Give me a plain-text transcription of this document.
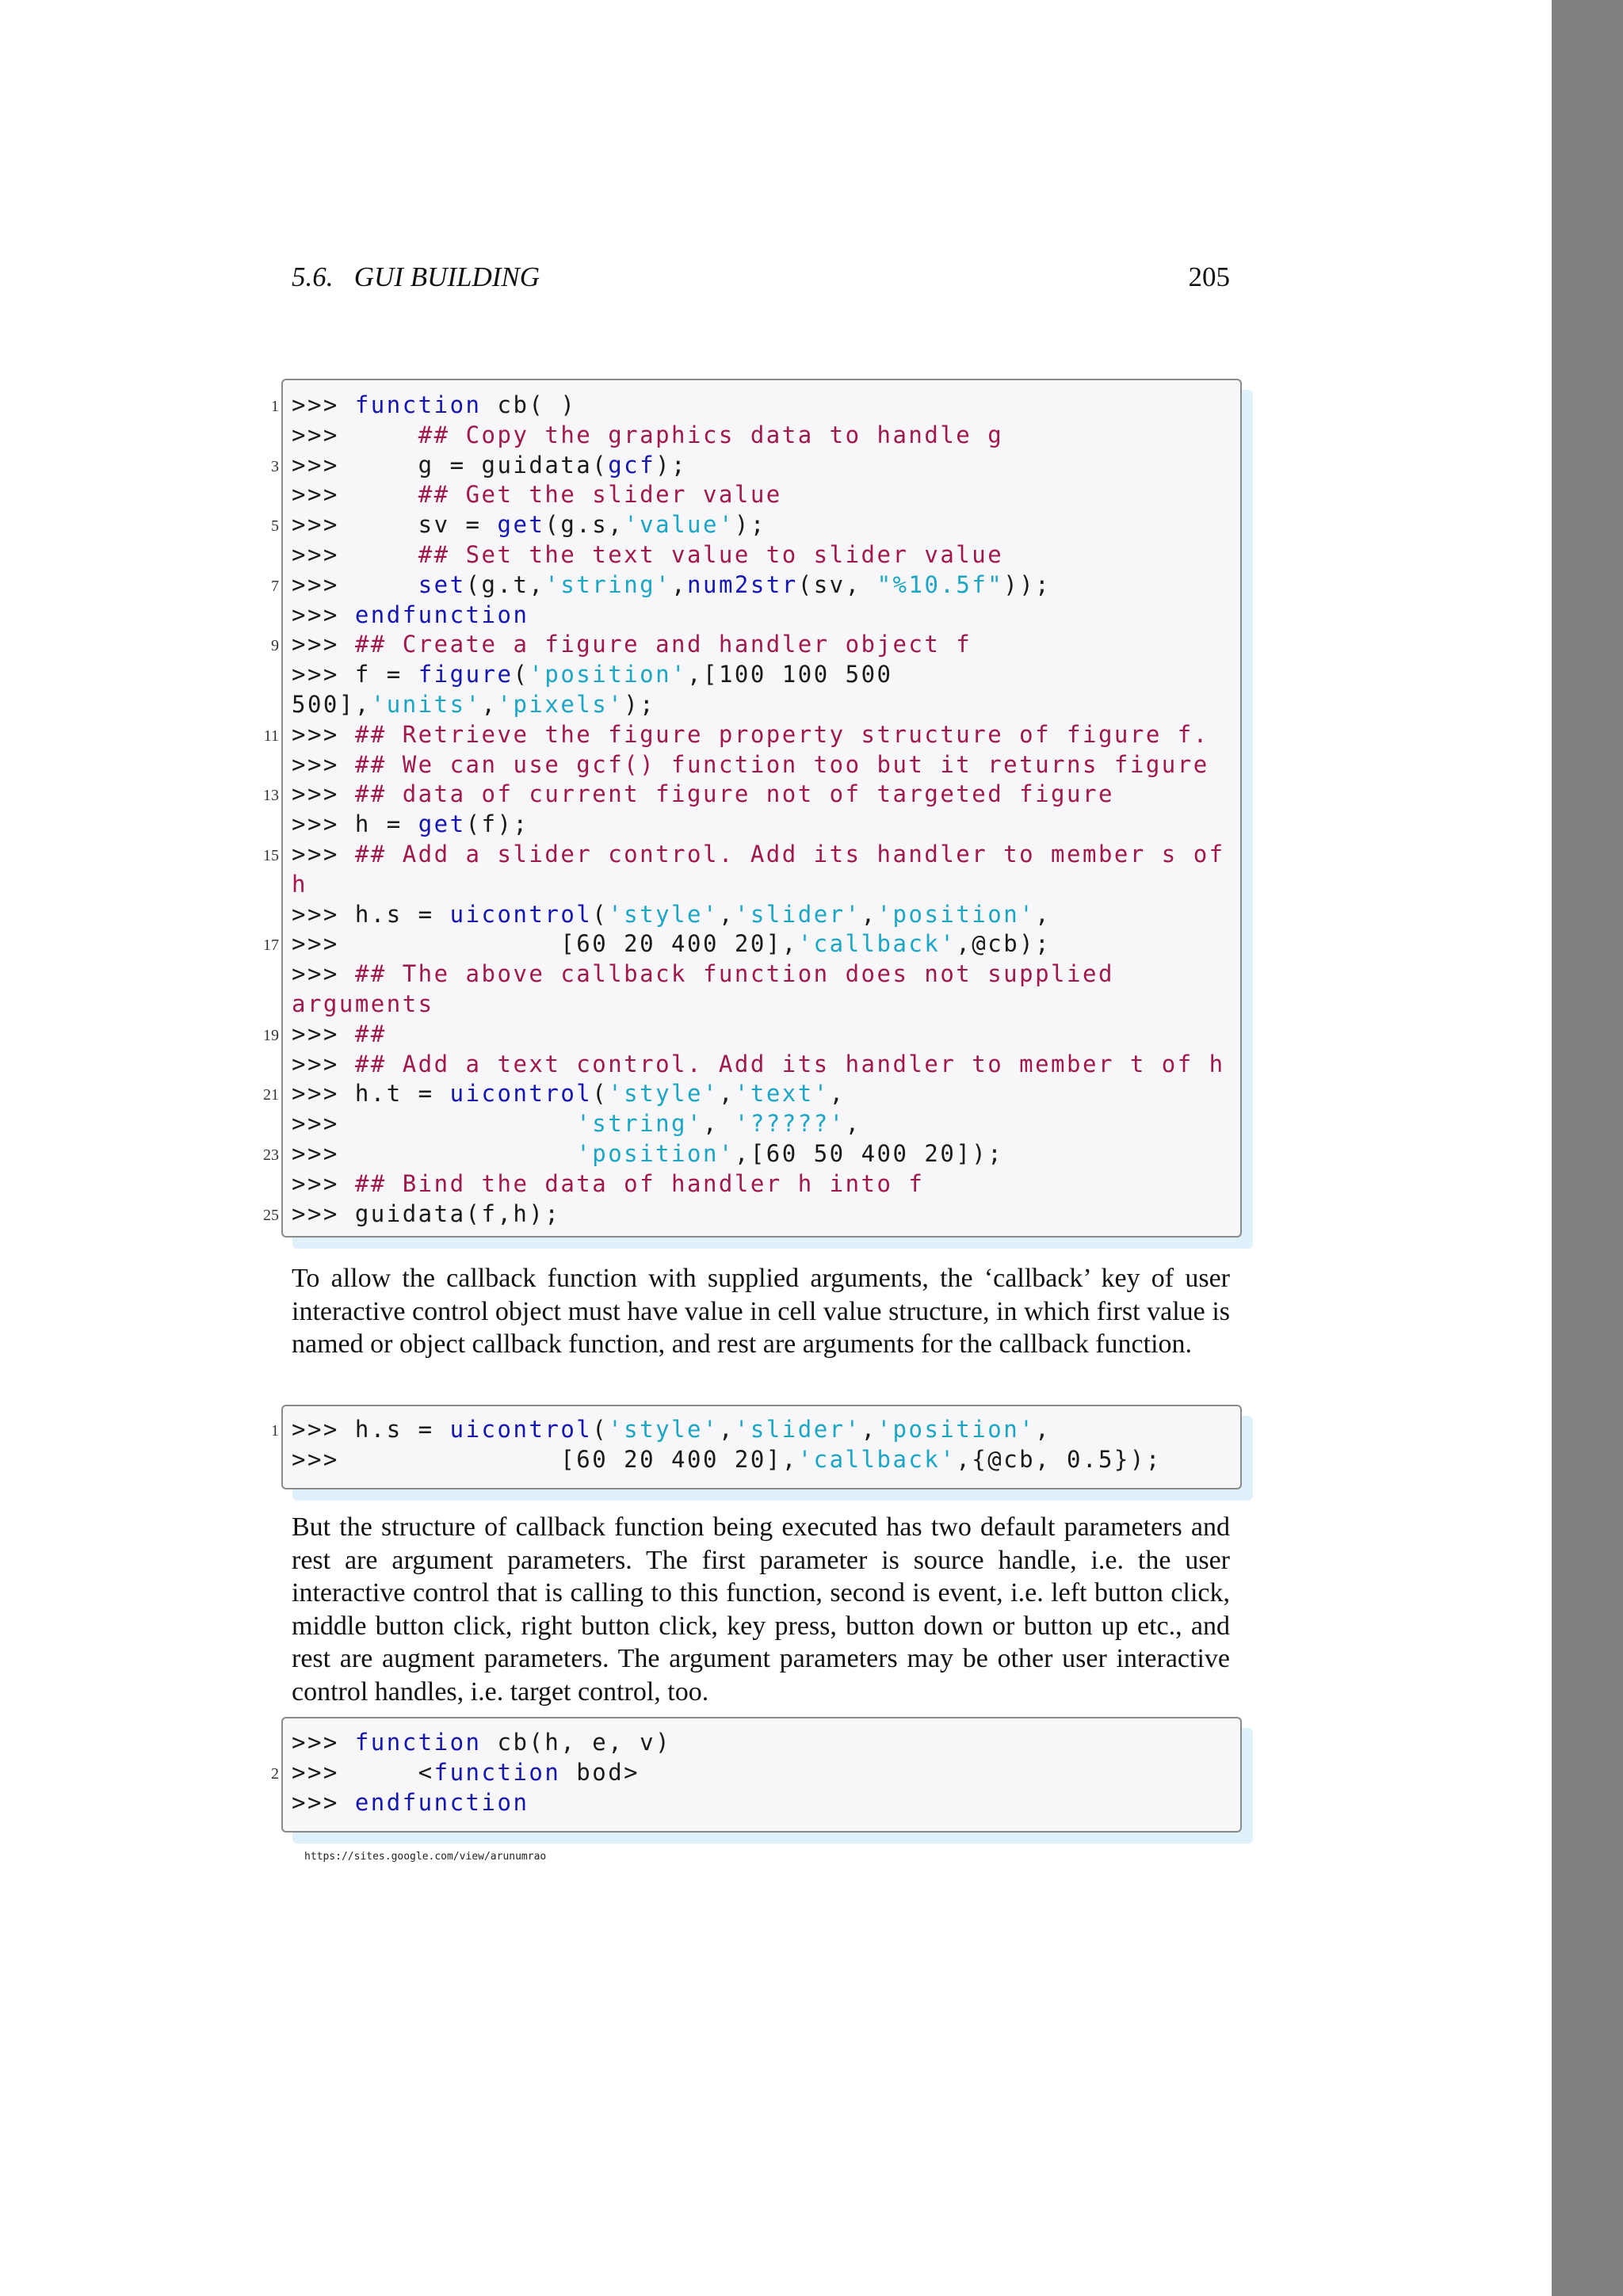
5.6.   GUI BUILDING	205
>>> function cb( )
>>>     ## Copy the graphics data to handle g
>>>     g = guidata(gcf);
>>>     ## Get the slider value
>>>     sv = get(g.s,'value');
>>>     ## Set the text value to slider value
>>>     set(g.t,'string',num2str(sv, "%10.5f"));
>>> endfunction
>>> ## Create a figure and handler object f
>>> f = figure('position',[100 100 500
500],'units','pixels');
>>> ## Retrieve the figure property structure of figure f.
>>> ## We can use gcf() function too but it returns figure
>>> ## data of current figure not of targeted figure
>>> h = get(f);
>>> ## Add a slider control. Add its handler to member s of
h
>>> h.s = uicontrol('style','slider','position',
>>>              [60 20 400 20],'callback',@cb);
>>> ## The above callback function does not supplied
arguments
>>> ##
>>> ## Add a text control. Add its handler to member t of h
>>> h.t = uicontrol('style','text',
>>>               'string', '?????',
>>>               'position',[60 50 400 20]);
>>> ## Bind the data of handler h into f
>>> guidata(f,h);
1
3
5
7
9
11
13
15
17
19
21
23
25
To allow the callback function with supplied arguments, the ‘callback’ key of user interactive control object must have value in cell value structure, in which first value is named or object callback function, and rest are arguments for the callback function.
>>> h.s = uicontrol('style','slider','position',
>>>              [60 20 400 20],'callback',{@cb, 0.5});
1
But the structure of callback function being executed has two default parameters and rest are argument parameters. The first parameter is source handle, i.e. the user interactive control that is calling to this function, second is event, i.e. left button click, middle button click, right button click, key press, button down or button up etc., and rest are augment parameters. The argument parameters may be other user interactive control handles, i.e. target control, too.
>>> function cb(h, e, v)
>>>     <function bod>
>>> endfunction
2
https://sites.google.com/view/arunumrao
